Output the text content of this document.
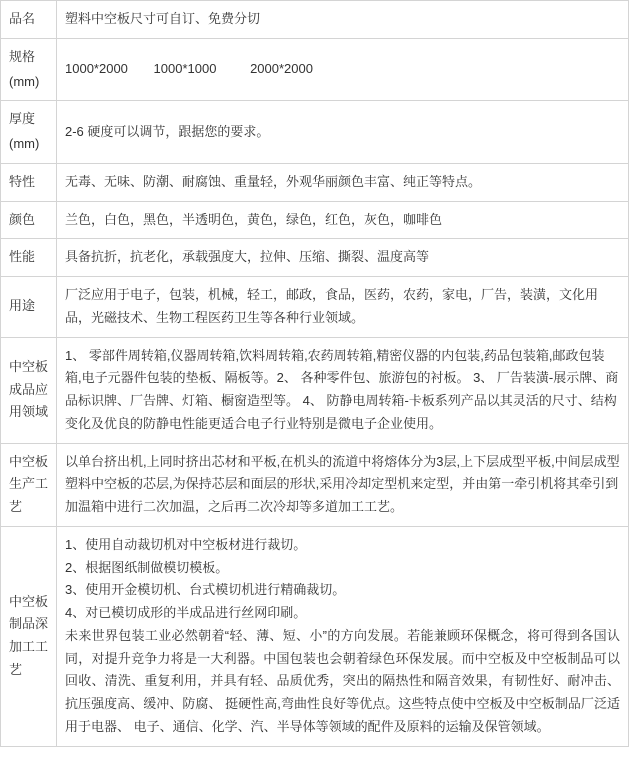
品名	塑料中空板尺寸可自订、免费分切
规格
(mm)	1000*2000 1000*1000 2000*2000
厚度
(mm)	2-6 硬度可以调节，跟据您的要求。
特性	无毒、无味、防潮、耐腐蚀、重量轻，外观华丽颜色丰富、纯正等特点。
颜色	兰色，白色，黑色，半透明色，黄色，绿色，红色，灰色，咖啡色
性能	具备抗折，抗老化，承载强度大，拉伸、压缩、撕裂、温度高等
用途	厂泛应用于电子，包装，机械，轻工，邮政，食品，医药，农药，家电，厂告，装潢，文化用品，光磁技术、生物工程医药卫生等各种行业领域。
中空板成品应用领域	1、 零部件周转箱,仪器周转箱,饮料周转箱,农药周转箱,精密仪器的内包装,药品包装箱,邮政包装箱,电子元器件包装的垫板、隔板等。2、 各种零件包、旅游包的衬板。 3、 厂告装潢-展示牌、商品标识牌、厂告牌、灯箱、橱窗造型等。 4、 防静电周转箱-卡板系列产品以其灵活的尺寸、结构变化及优良的防静电性能更适合电子行业特别是微电子企业使用。
中空板生产工艺	以单台挤出机,上同时挤出芯材和平板,在机头的流道中将熔体分为3层,上下层成型平板,中间层成型塑料中空板的芯层,为保持芯层和面层的形状,采用冷却定型机来定型，并由第一牵引机将其牵引到加温箱中进行二次加温，之后再二次冷却等多道加工工艺。
中空板制品深加工工艺	1、使用自动裁切机对中空板材进行裁切。
2、根据图纸制做模切模板。
3、使用开金模切机、台式模切机进行精确裁切。
4、对已模切成形的半成品进行丝网印刷。
未来世界包装工业必然朝着“轻、薄、短、小”的方向发展。若能兼顾环保概念，将可得到各国认同，对提升竞争力将是一大利器。中国包装也会朝着绿色环保发展。而中空板及中空板制品可以回收、清洗、重复利用，并具有轻、品质优秀，突出的隔热性和隔音效果，有韧性好、耐冲击、抗压强度高、缓冲、防腐、 挺硬性高,弯曲性良好等优点。这些特点使中空板及中空板制品厂泛适用于电器、 电子、通信、化学、汽、半导体等领域的配件及原料的运输及保管领域。
